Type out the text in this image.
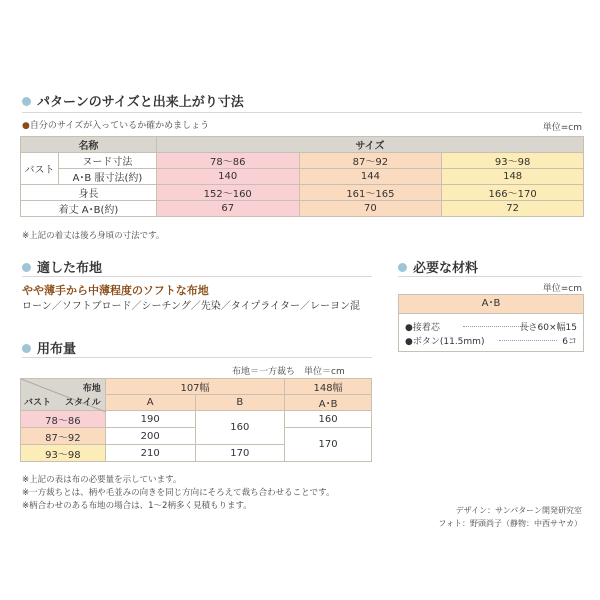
パターンのサイズと出来上がり寸法
●自分のサイズが入っているか確かめましょう	単位=cm
名称		サイズ		
バスト	ヌード寸法	78～86	87～92	93～98
	A･B 服寸法(約)	140	144	148
身長		152～160	161～165	166～170
着丈 A･B(約)		67	70	72
※上記の着丈は後ろ身頃の寸法です。
適した布地
やや薄手から中薄程度のソフトな布地
ローン／ソフトブロード／シーチング／先染／タイプライター／レーヨン混
必要な材料
単位=cm
A･B
●接着芯	長さ60×幅15
●ボタン(11.5mm)	6コ
用布量
布地＝一方裁ち　単位＝cm
布地
スタイル
バスト	107幅		148幅
	A	B	A･B
78～86	190	160	160
87～92	200		170
93～98	210	170	
※上記の表は布の必要量を示しています。
※一方裁ちとは、柄や毛並みの向きを同じ方向にそろえて裁ち合わせることです。
※柄合わせのある布地の場合は、1～2柄多く見積もります。	デザイン：サンパターン開発研究室
フォト：野頭尚子（静物：中西サヤカ）
